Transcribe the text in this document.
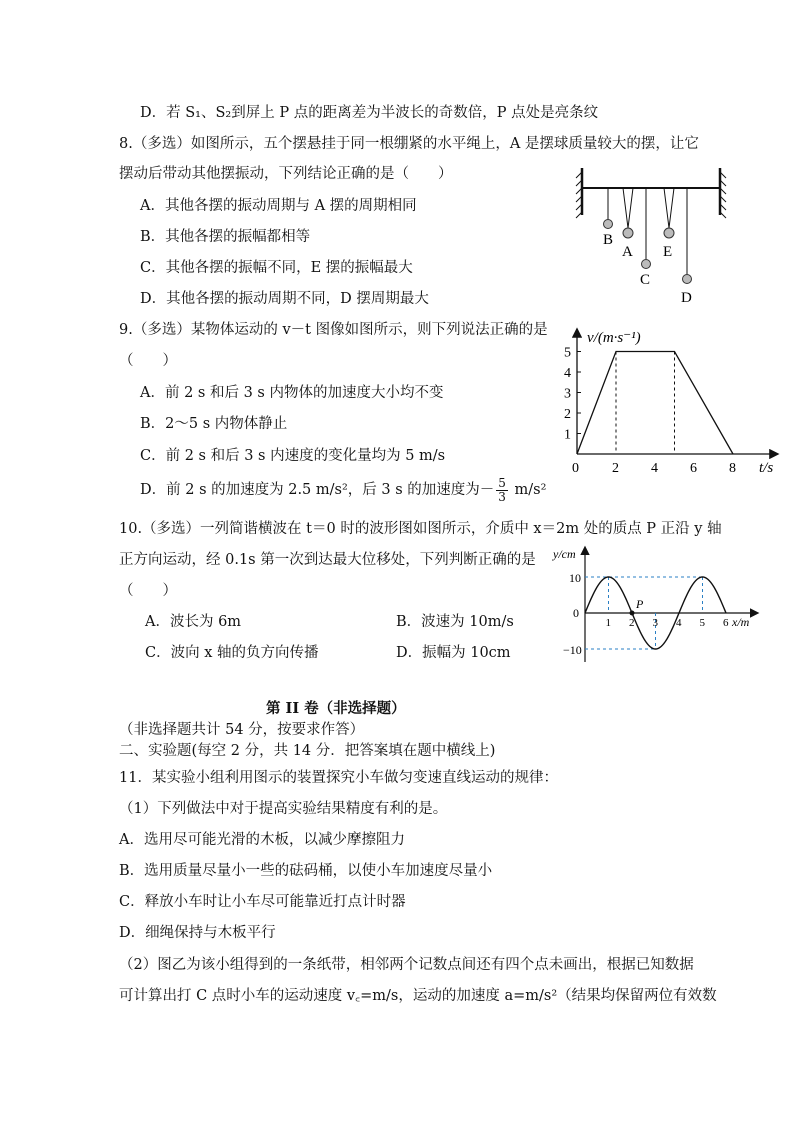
D．若 S₁、S₂到屏上 P 点的距离差为半波长的奇数倍，P 点处是亮条纹
8.（多选）如图所示，五个摆悬挂于同一根绷紧的水平绳上，A 是摆球质量较大的摆，让它
摆动后带动其他摆振动，下列结论正确的是（　　）
A．其他各摆的振动周期与 A 摆的周期相同
B．其他各摆的振幅都相等
C．其他各摆的振幅不同，E 摆的振幅最大
D．其他各摆的振动周期不同，D 摆周期最大
9.（多选）某物体运动的 v－t 图像如图所示，则下列说法正确的是
（　　）
A．前 2 s 和后 3 s 内物体的加速度大小均不变
B．2～5 s 内物体静止
C．前 2 s 和后 3 s 内速度的变化量均为 5 m/s
D．前 2 s 的加速度为 2.5 m/s²，后 3 s 的加速度为－ $\frac{5}{3} m/s^2$
10.（多选）一列简谐横波在 t＝0 时的波形图如图所示，介质中 x＝2m 处的质点 P 正沿 y 轴
正方向运动，经 0.1s 第一次到达最大位移处，下列判断正确的是
（　　）
A．波长为 6m	B．波速为 10m/s
C．波向 x 轴的负方向传播	D．振幅为 10cm
第 II 卷（非选择题）
（非选择题共计 54 分，按要求作答）
二、实验题(每空 2 分，共 14 分．把答案填在题中横线上)
11．某实验小组利用图示的装置探究小车做匀变速直线运动的规律：
（1）下列做法中对于提高实验结果精度有利的是。
A．选用尽可能光滑的木板，以减少摩擦阻力
B．选用质量尽量小一些的砝码桶，以使小车加速度尽量小
C．释放小车时让小车尽可能靠近打点计时器
D．细绳保持与木板平行
（2）图乙为该小组得到的一条纸带，相邻两个记数点间还有四个点未画出，根据已知数据
可计算出打 C 点时小车的运动速度 v꜀=m/s，运动的加速度 a=m/s²（结果均保留两位有效数
B
A
C
E
D
v/(m·s⁻¹)
t/s
0
1
2
3
4
5
2 4 6 8
y/cm
x/m
10
−10
0
1 2 3 4 5 6
P
